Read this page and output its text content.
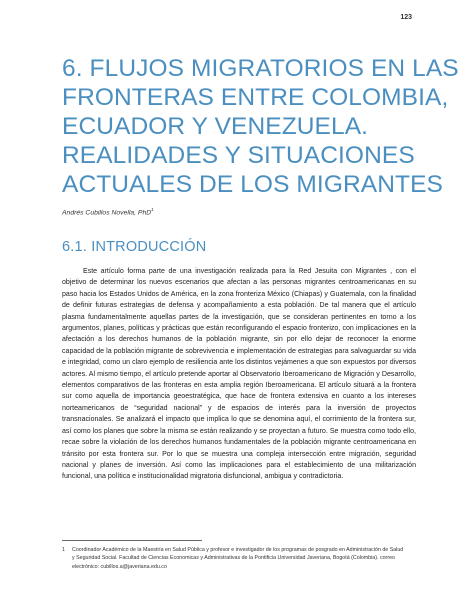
123
6. FLUJOS MIGRATORIOS EN LAS
FRONTERAS ENTRE COLOMBIA,
ECUADOR Y VENEZUELA.
REALIDADES Y SITUACIONES
ACTUALES DE LOS MIGRANTES
Andrés Cubillos Novella, PhD$^1$
6.1. INTRODUCCIÓN

Este artículo forma parte de una investigación realizada para la Red Jesuita con Migrantes , con el objetivo de determinar los nuevos escenarios que afectan a las personas migrantes centroamericanas en su paso hacia los Estados Unidos de América, en la zona fronteriza México (Chiapas) y Guatemala, con la finalidad de definir futuras estrategias de defensa y acompañamiento a esta población. De tal manera que el artículo plasma fundamentalmente aquellas partes de la investigación, que se consideran pertinentes en torno a los argumentos, planes, políticas y prácticas que están reconfigurando el espacio fronterizo, con implicaciones en la afectación a los derechos humanos de la población migrante, sin por ello dejar de reconocer la enorme capacidad de la población migrante de sobrevivencia e implementación de estrategias para salvaguardar su vida e integridad, como un claro ejemplo de resiliencia ante los distintos vejámenes a que son expuestos por diversos actores. Al mismo tiempo, el artículo pretende aportar al Observatorio Iberoamericano de Migración y Desarrollo, elementos comparativos de las fronteras en esta amplia región Iberoamericana. El artículo situará a la frontera sur como aquella de importancia geoestratégica, que hace de frontera extensiva en cuanto a los intereses norteamericanos de “seguridad nacional” y de espacios de interés para la inversión de proyectos transnacionales. Se analizará el impacto que implica lo que se denomina aquí, el corrimiento de la frontera sur, así como los planes que sobre la misma se están realizando y se proyectan a futuro. Se muestra como todo ello, recae sobre la violación de los derechos humanos fundamentales de la población migrante centroamericana en tránsito por esta frontera sur. Por lo que se muestra una compleja intersección entre migración, seguridad nacional y planes de inversión. Así como las implicaciones para el establecimiento de una militarización funcional, una política e institucionalidad migratoria disfuncional, ambigua y contradictoria.

1 Coordinador Académico de la Maestría en Salud Pública y profesor e investigador de los programas de posgrado en Administración de Salud y Seguridad Social. Facultad de Ciencias Economicas y Administrativas de la Pontificia Universidad Javeriana, Bogotá (Colombia). correo electrónico: cubillos.a@javeriana.edu.co
